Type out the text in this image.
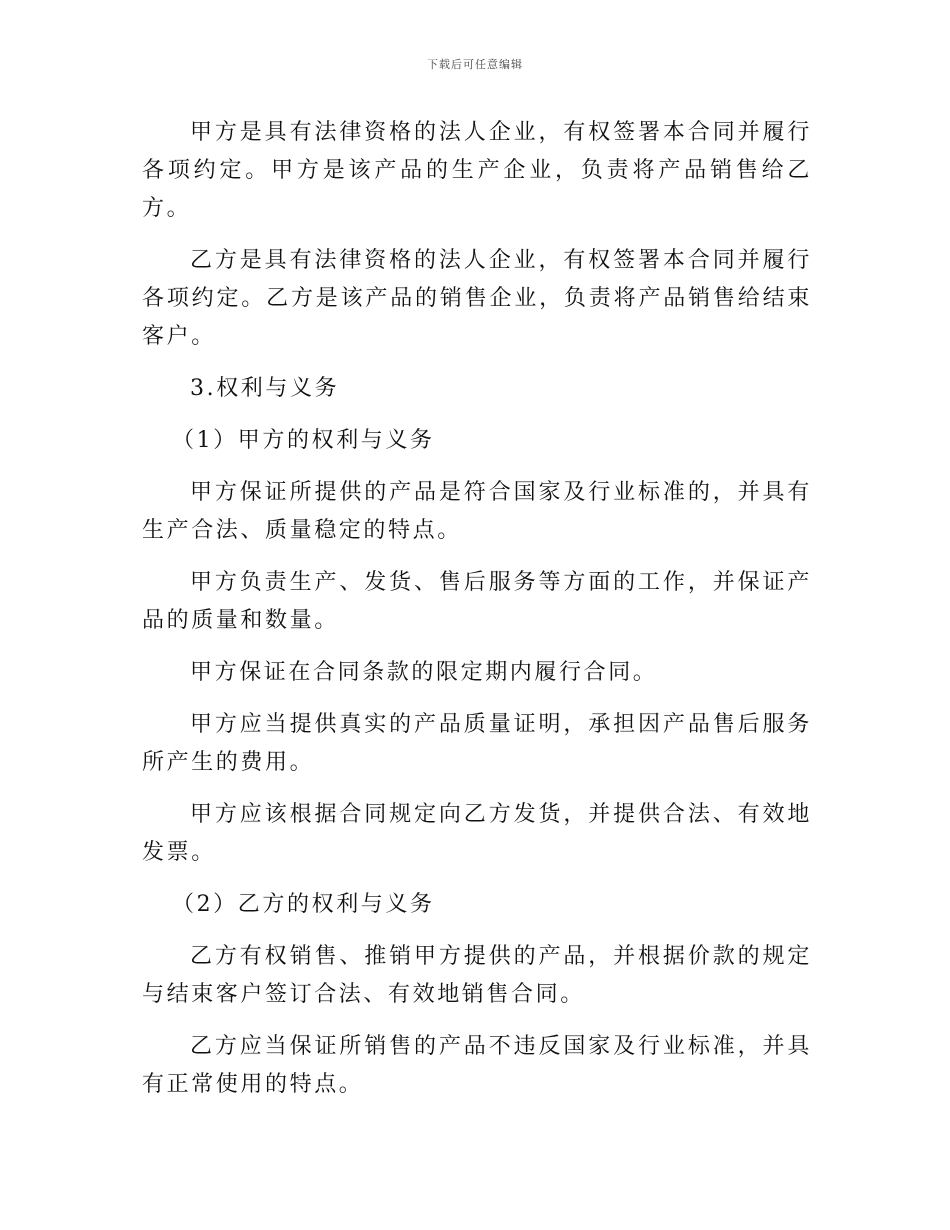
下载后可任意编辑

甲方是具有法律资格的法人企业，有权签署本合同并履行各项约定。甲方是该产品的生产企业，负责将产品销售给乙方。

乙方是具有法律资格的法人企业，有权签署本合同并履行各项约定。乙方是该产品的销售企业，负责将产品销售给结束客户。

3.权利与义务

（1）甲方的权利与义务

甲方保证所提供的产品是符合国家及行业标准的，并具有生产合法、质量稳定的特点。

甲方负责生产、发货、售后服务等方面的工作，并保证产品的质量和数量。

甲方保证在合同条款的限定期内履行合同。

甲方应当提供真实的产品质量证明，承担因产品售后服务所产生的费用。

甲方应该根据合同规定向乙方发货，并提供合法、有效地发票。

（2）乙方的权利与义务

乙方有权销售、推销甲方提供的产品，并根据价款的规定与结束客户签订合法、有效地销售合同。

乙方应当保证所销售的产品不违反国家及行业标准，并具有正常使用的特点。
